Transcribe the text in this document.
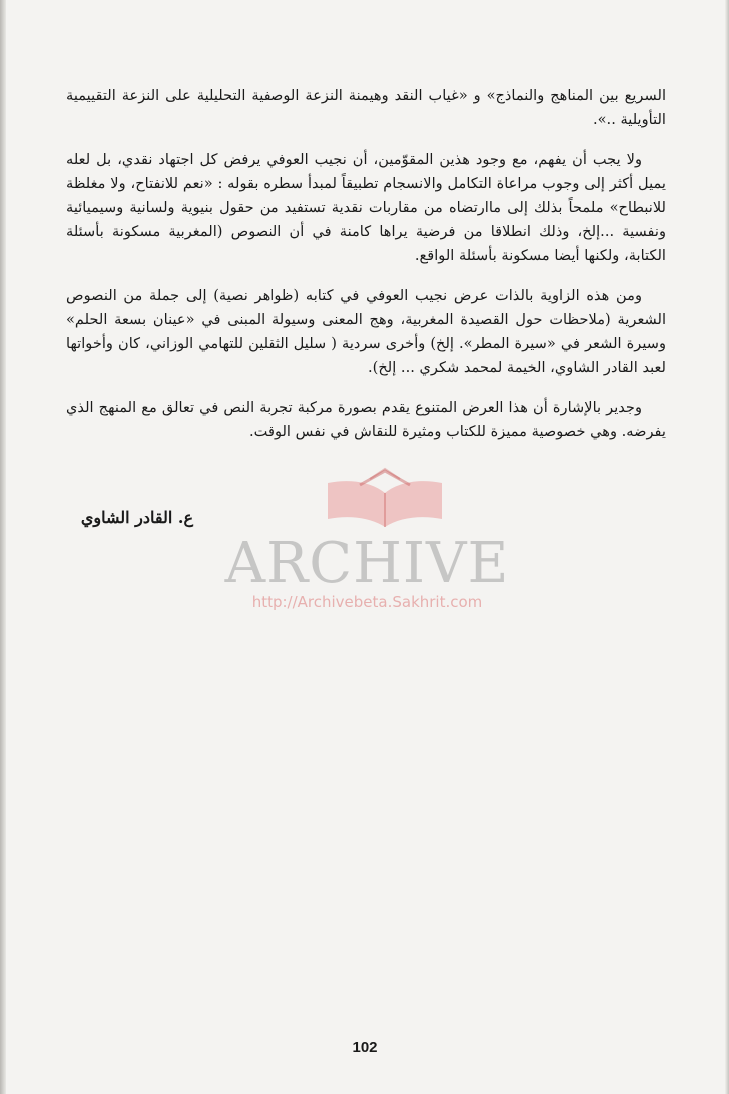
السريع بين المناهج والنماذج» و «غياب النقد وهيمنة النزعة الوصفية التحليلية على النزعة التقييمية التأويلية ..».

ولا يجب أن يفهم، مع وجود هذين المقوّمين، أن نجيب العوفي يرفض كل اجتهاد نقدي، بل لعله يميل أكثر إلى وجوب مراعاة التكامل والانسجام تطبيقاً لمبدأ سطره بقوله : «نعم للانفتاح، ولا مغلظة للانبطاح» ملمحاً بذلك إلى ماارتضاه من مقاربات نقدية تستفيد من حقول بنيوية ولسانية وسيميائية ونفسية ...إلخ، وذلك انطلاقا من فرضية يراها كامنة في أن النصوص (المغربية مسكونة بأسئلة الكتابة، ولكنها أيضا مسكونة بأسئلة الواقع.

ومن هذه الزاوية بالذات عرض نجيب العوفي في كتابه (ظواهر نصية) إلى جملة من النصوص الشعرية (ملاحظات حول القصيدة المغربية، وهج المعنى وسيولة المبنى في «عينان بسعة الحلم» وسيرة الشعر في «سيرة المطر». إلخ) وأخرى سردية ( سليل الثقلين للتهامي الوزاني، كان وأخواتها لعبد القادر الشاوي، الخيمة لمحمد شكري ... إلخ).

وجدير بالإشارة أن هذا العرض المتنوع يقدم بصورة مركبة تجربة النص في تعالق مع المنهج الذي يفرضه. وهي خصوصية مميزة للكتاب ومثيرة للنقاش في نفس الوقت.

ع. القادر الشاوي
ARCHIVE
http://Archivebeta.Sakhrit.com
102
